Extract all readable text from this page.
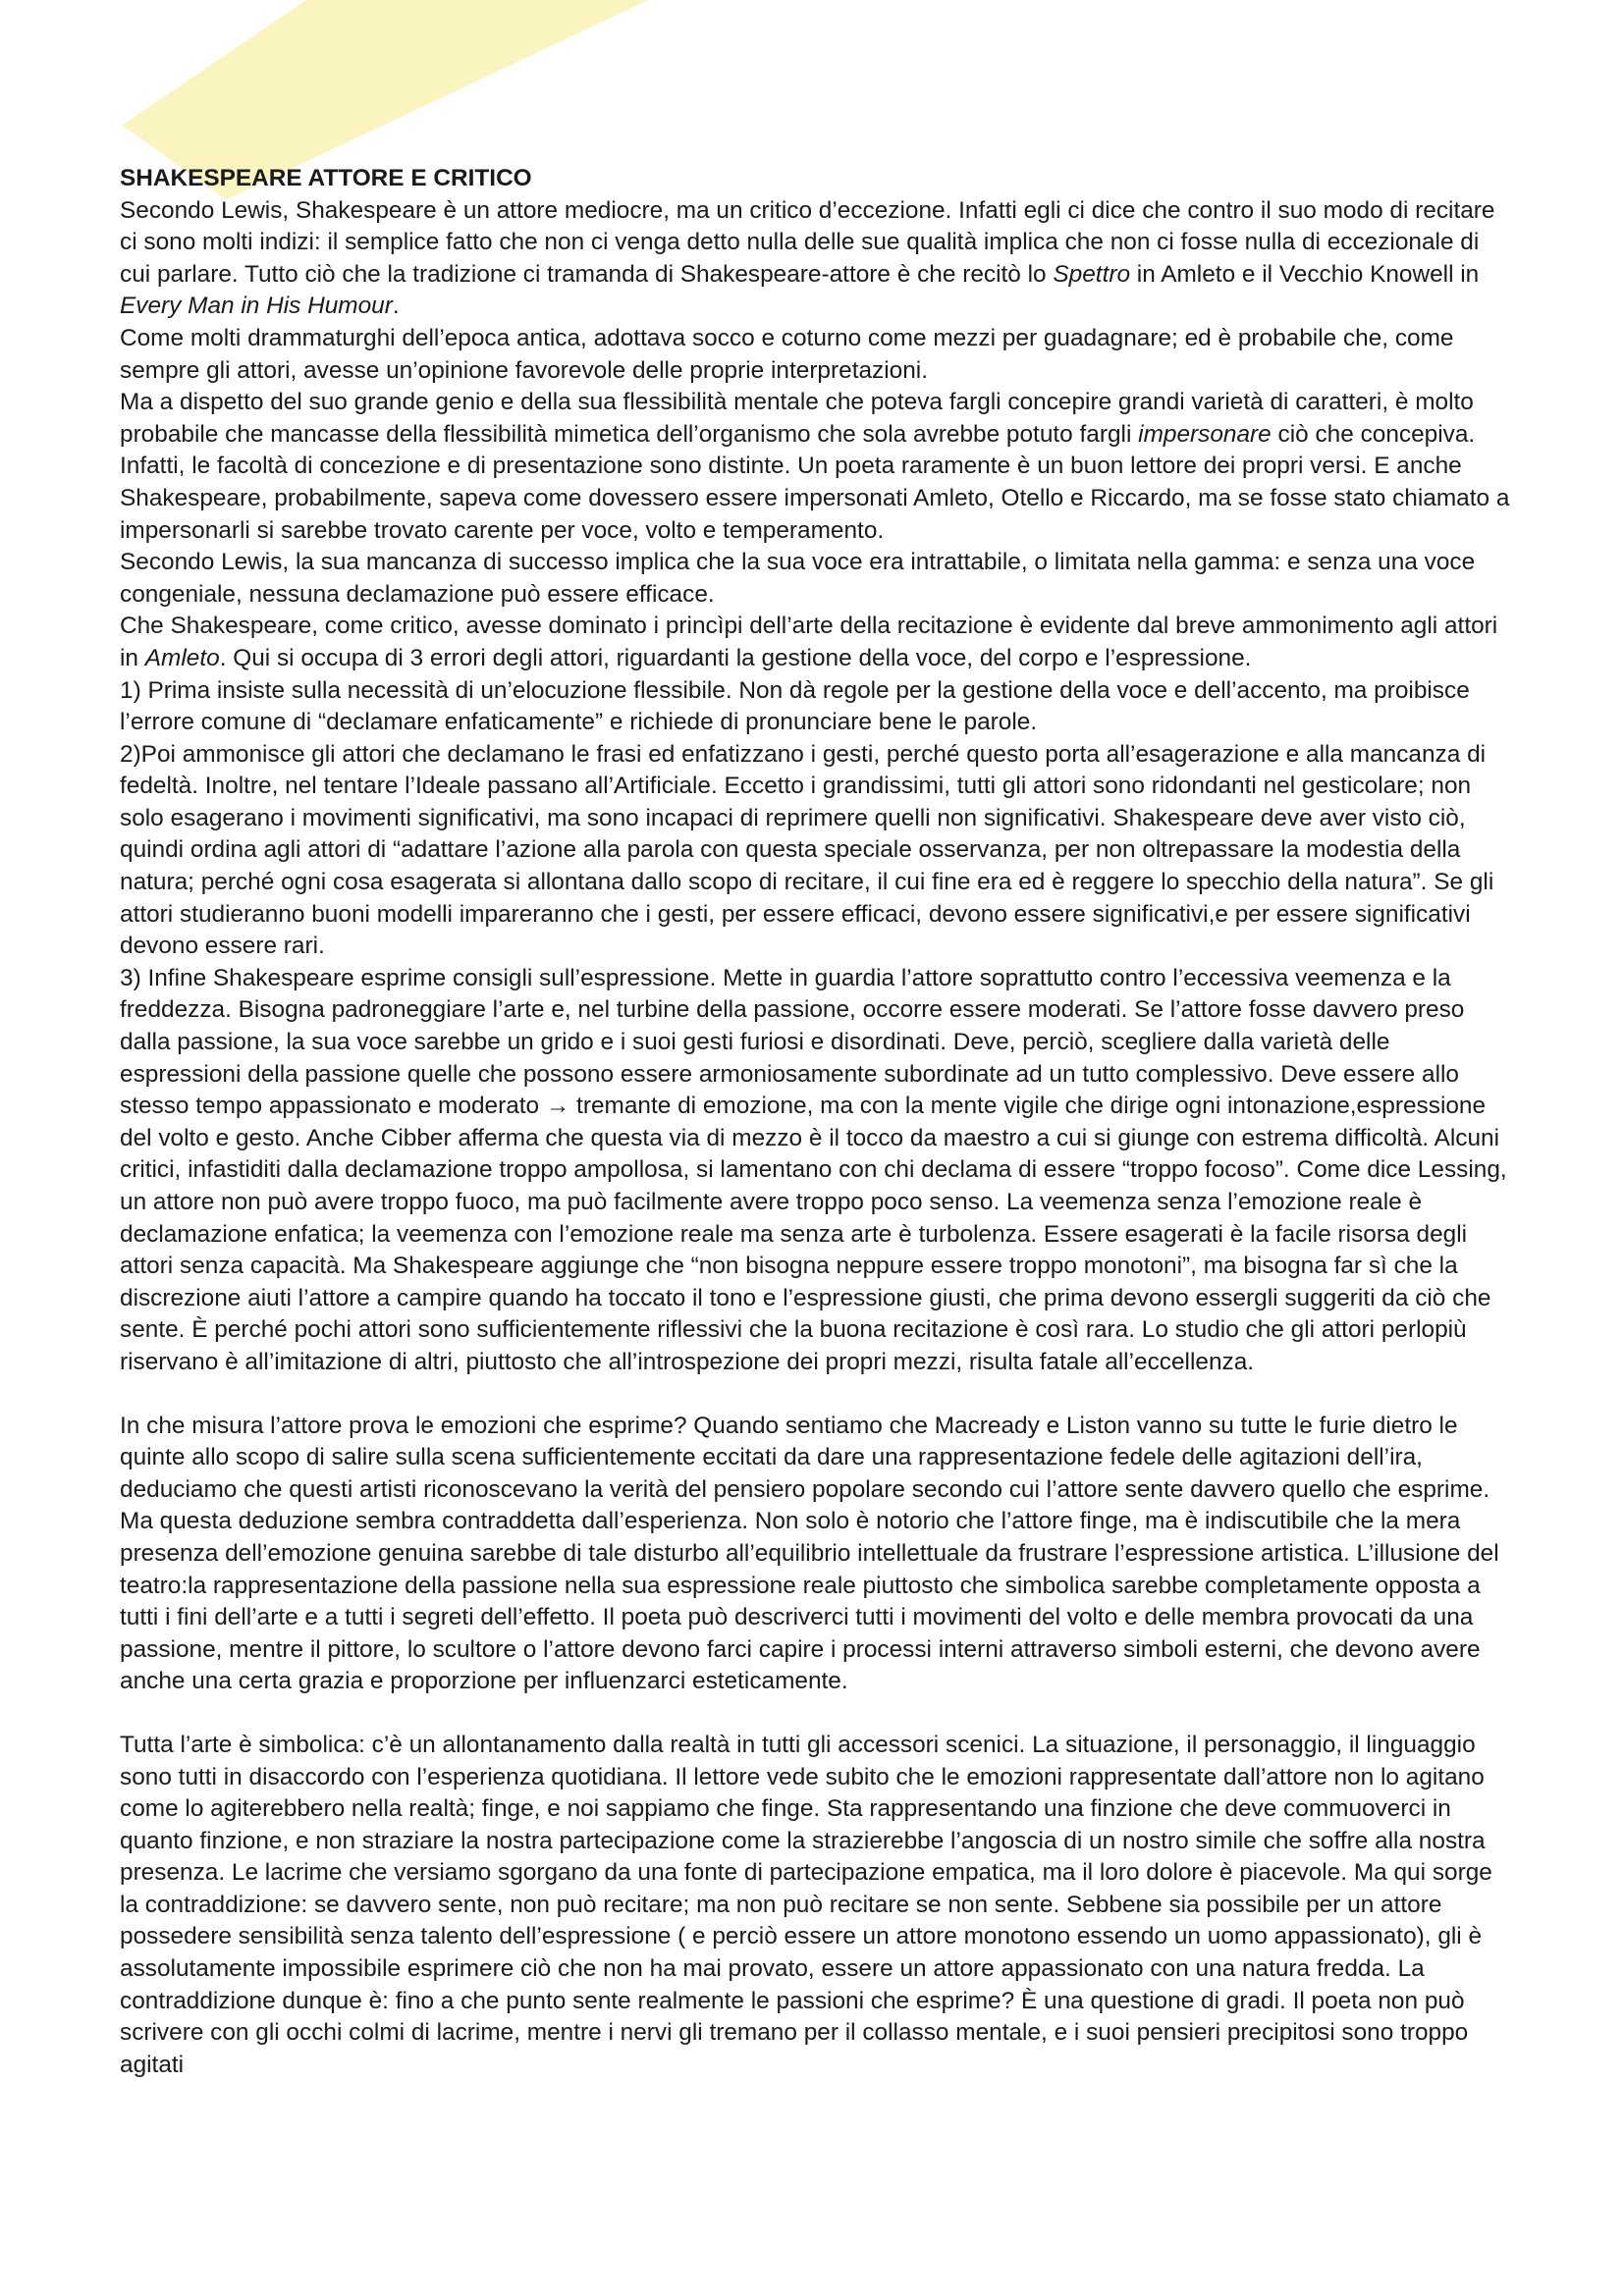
SHAKESPEARE ATTORE E CRITICO

Secondo Lewis, Shakespeare è un attore mediocre, ma un critico d’eccezione. Infatti egli ci dice che contro il suo modo di recitare ci sono molti indizi: il semplice fatto che non ci venga detto nulla delle sue qualità implica che non ci fosse nulla di eccezionale di cui parlare. Tutto ciò che la tradizione ci tramanda di Shakespeare-attore è che recitò lo Spettro in Amleto e il Vecchio Knowell in Every Man in His Humour.

Come molti drammaturghi dell’epoca antica, adottava socco e coturno come mezzi per guadagnare; ed è probabile che, come sempre gli attori, avesse un’opinione favorevole delle proprie interpretazioni.

Ma a dispetto del suo grande genio e della sua flessibilità mentale che poteva fargli concepire grandi varietà di caratteri, è molto probabile che mancasse della flessibilità mimetica dell’organismo che sola avrebbe potuto fargli impersonare ciò che concepiva. Infatti, le facoltà di concezione e di presentazione sono distinte. Un poeta raramente è un buon lettore dei propri versi. E anche Shakespeare, probabilmente, sapeva come dovessero essere impersonati Amleto, Otello e Riccardo, ma se fosse stato chiamato a impersonarli si sarebbe trovato carente per voce, volto e temperamento.

Secondo Lewis, la sua mancanza di successo implica che la sua voce era intrattabile, o limitata nella gamma: e senza una voce congeniale, nessuna declamazione può essere efficace.

Che Shakespeare, come critico, avesse dominato i princìpi dell’arte della recitazione è evidente dal breve ammonimento agli attori in Amleto. Qui si occupa di 3 errori degli attori, riguardanti la gestione della voce, del corpo e l’espressione.

1) Prima insiste sulla necessità di un’elocuzione flessibile. Non dà regole per la gestione della voce e dell’accento, ma proibisce l’errore comune di “declamare enfaticamente” e richiede di pronunciare bene le parole.

2)Poi ammonisce gli attori che declamano le frasi ed enfatizzano i gesti, perché questo porta all’esagerazione e alla mancanza di fedeltà. Inoltre, nel tentare l’Ideale passano all’Artificiale. Eccetto i grandissimi, tutti gli attori sono ridondanti nel gesticolare; non solo esagerano i movimenti significativi, ma sono incapaci di reprimere quelli non significativi. Shakespeare deve aver visto ciò, quindi ordina agli attori di “adattare l’azione alla parola con questa speciale osservanza, per non oltrepassare la modestia della natura; perché ogni cosa esagerata si allontana dallo scopo di recitare, il cui fine era ed è reggere lo specchio della natura”. Se gli attori studieranno buoni modelli impareranno che i gesti, per essere efficaci, devono essere significativi,e per essere significativi devono essere rari.

3) Infine Shakespeare esprime consigli sull’espressione. Mette in guardia l’attore soprattutto contro l’eccessiva veemenza e la freddezza. Bisogna padroneggiare l’arte e, nel turbine della passione, occorre essere moderati. Se l’attore fosse davvero preso dalla passione, la sua voce sarebbe un grido e i suoi gesti furiosi e disordinati. Deve, perciò, scegliere dalla varietà delle espressioni della passione quelle che possono essere armoniosamente subordinate ad un tutto complessivo. Deve essere allo stesso tempo appassionato e moderato → tremante di emozione, ma con la mente vigile che dirige ogni intonazione,espressione del volto e gesto. Anche Cibber afferma che questa via di mezzo è il tocco da maestro a cui si giunge con estrema difficoltà. Alcuni critici, infastiditi dalla declamazione troppo ampollosa, si lamentano con chi declama di essere “troppo focoso”. Come dice Lessing, un attore non può avere troppo fuoco, ma può facilmente avere troppo poco senso. La veemenza senza l’emozione reale è declamazione enfatica; la veemenza con l’emozione reale ma senza arte è turbolenza. Essere esagerati è la facile risorsa degli attori senza capacità. Ma Shakespeare aggiunge che “non bisogna neppure essere troppo monotoni”, ma bisogna far sì che la discrezione aiuti l’attore a campire quando ha toccato il tono e l’espressione giusti, che prima devono essergli suggeriti da ciò che sente. È perché pochi attori sono sufficientemente riflessivi che la buona recitazione è così rara. Lo studio che gli attori perlopiù riservano è all’imitazione di altri, piuttosto che all’introspezione dei propri mezzi, risulta fatale all’eccellenza.

In che misura l’attore prova le emozioni che esprime? Quando sentiamo che Macready e Liston vanno su tutte le furie dietro le quinte allo scopo di salire sulla scena sufficientemente eccitati da dare una rappresentazione fedele delle agitazioni dell’ira, deduciamo che questi artisti riconoscevano la verità del pensiero popolare secondo cui l’attore sente davvero quello che esprime. Ma questa deduzione sembra contraddetta dall’esperienza. Non solo è notorio che l’attore finge, ma è indiscutibile che la mera presenza dell’emozione genuina sarebbe di tale disturbo all’equilibrio intellettuale da frustrare l’espressione artistica. L’illusione del teatro:la rappresentazione della passione nella sua espressione reale piuttosto che simbolica sarebbe completamente opposta a tutti i fini dell’arte e a tutti i segreti dell’effetto. Il poeta può descriverci tutti i movimenti del volto e delle membra provocati da una passione, mentre il pittore, lo scultore o l’attore devono farci capire i processi interni attraverso simboli esterni, che devono avere anche una certa grazia e proporzione per influenzarci esteticamente.

Tutta l’arte è simbolica: c’è un allontanamento dalla realtà in tutti gli accessori scenici. La situazione, il personaggio, il linguaggio sono tutti in disaccordo con l’esperienza quotidiana. Il lettore vede subito che le emozioni rappresentate dall’attore non lo agitano come lo agiterebbero nella realtà; finge, e noi sappiamo che finge. Sta rappresentando una finzione che deve commuoverci in quanto finzione, e non straziare la nostra partecipazione come la strazierebbe l’angoscia di un nostro simile che soffre alla nostra presenza. Le lacrime che versiamo sgorgano da una fonte di partecipazione empatica, ma il loro dolore è piacevole. Ma qui sorge la contraddizione: se davvero sente, non può recitare; ma non può recitare se non sente. Sebbene sia possibile per un attore possedere sensibilità senza talento dell’espressione ( e perciò essere un attore monotono essendo un uomo appassionato), gli è assolutamente impossibile esprimere ciò che non ha mai provato, essere un attore appassionato con una natura fredda. La contraddizione dunque è: fino a che punto sente realmente le passioni che esprime? È una questione di gradi. Il poeta non può scrivere con gli occhi colmi di lacrime, mentre i nervi gli tremano per il collasso mentale, e i suoi pensieri precipitosi sono troppo agitati
